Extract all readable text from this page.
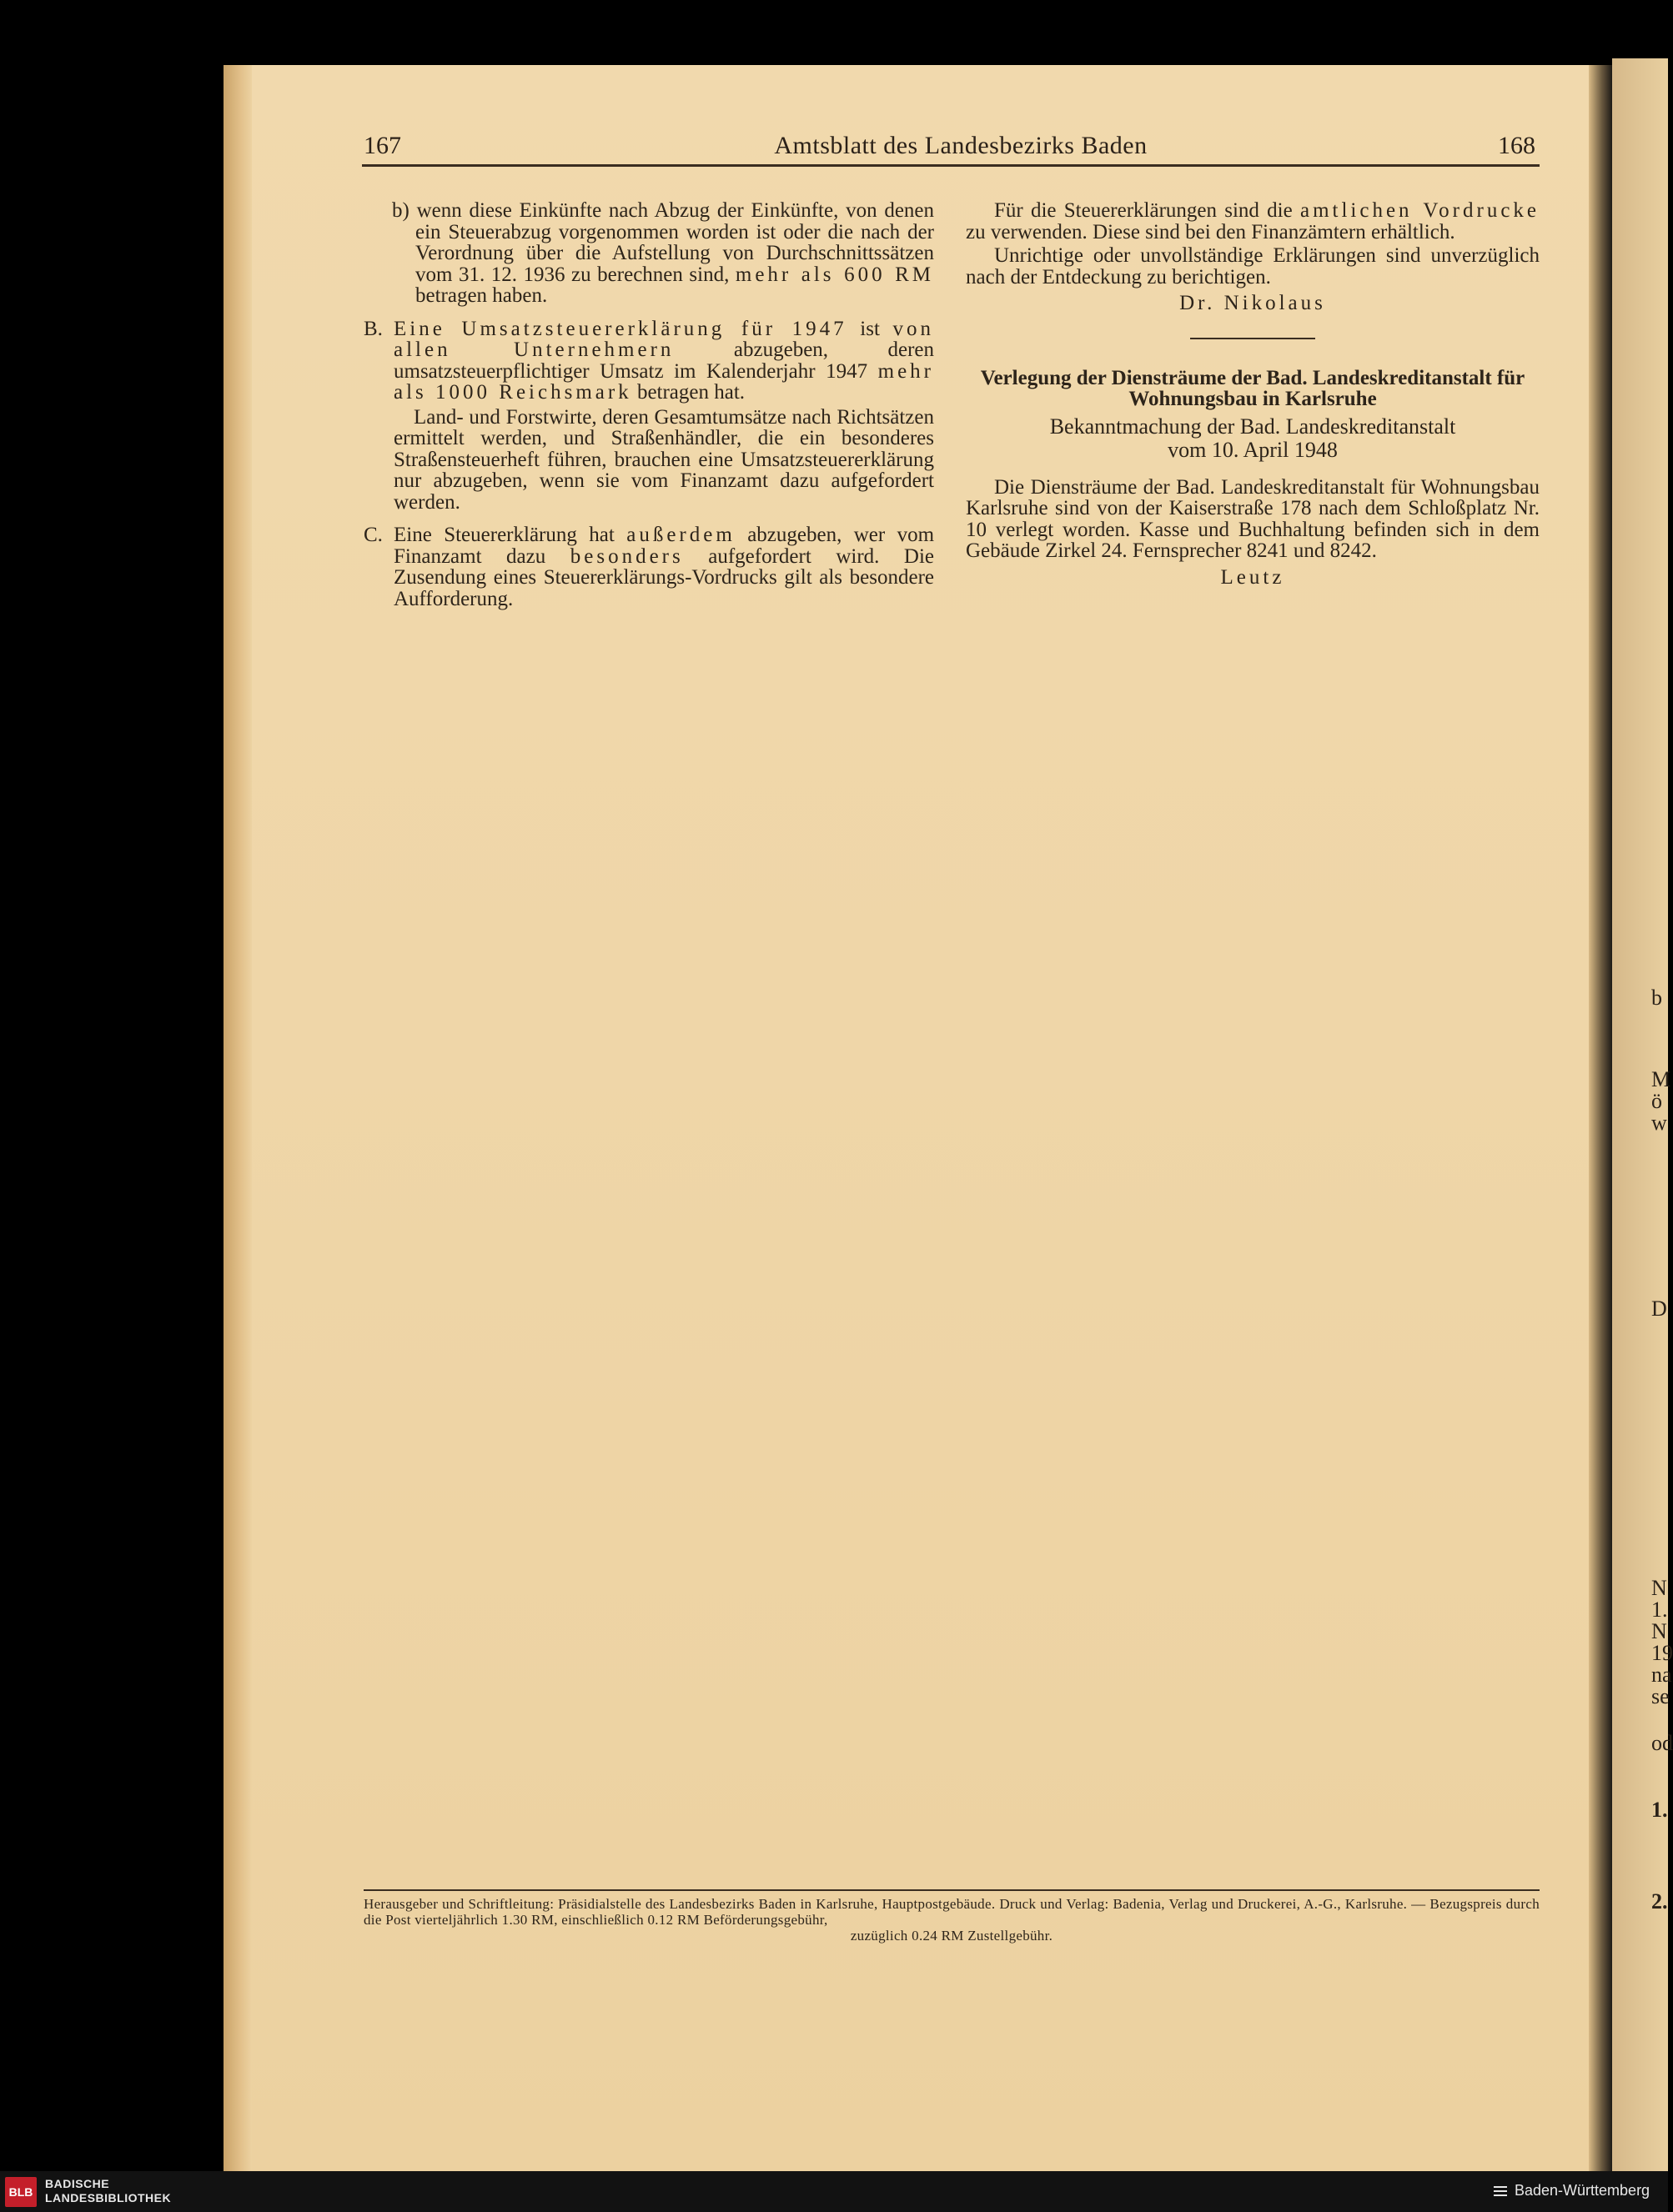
b
M
ö
w
D
N
1.
N
19
na
se
od
1.
2.
167	Amtsblatt des Landesbezirks Baden	168

b) wenn diese Einkünfte nach Abzug der Einkünfte, von denen ein Steuerabzug vorgenommen worden ist oder die nach der Verordnung über die Aufstellung von Durchschnittssätzen vom 31. 12. 1936 zu berechnen sind, mehr als 600 RM betragen haben.

B. Eine Umsatzsteuererklärung für 1947 ist von allen Unternehmern	abzugeben, deren umsatzsteuerpflichtiger Umsatz im Kalenderjahr 1947 mehr als 1000 Reichsmark betragen hat.

Land- und Forstwirte, deren Gesamtumsätze nach Richtsätzen ermittelt werden, und Straßenhändler, die ein besonderes Straßensteuerheft führen, brauchen eine Umsatzsteuererklärung nur abzugeben, wenn sie vom Finanzamt dazu aufgefordert werden.

C. Eine Steuererklärung hat außerdem abzugeben, wer vom Finanzamt dazu besonders aufgefordert wird. Die Zusendung eines Steuererklärungs-Vordrucks gilt als besondere Aufforderung.

Für die Steuererklärungen sind die amtlichen Vordrucke zu verwenden. Diese sind bei den Finanzämtern erhältlich.

Unrichtige oder unvollständige Erklärungen sind unverzüglich nach der Entdeckung zu berichtigen.

Dr. Nikolaus

Verlegung der Diensträume der Bad. Landeskreditanstalt für Wohnungsbau in Karlsruhe

Bekanntmachung der Bad. Landeskreditanstalt

vom 10. April 1948

Die Diensträume der Bad. Landeskreditanstalt für Wohnungsbau Karlsruhe sind von der Kaiserstraße 178 nach dem Schloßplatz Nr. 10 verlegt worden. Kasse und Buchhaltung befinden sich in dem Gebäude Zirkel 24. Fernsprecher 8241 und 8242.

Leutz

Herausgeber und Schriftleitung: Präsidialstelle des Landesbezirks Baden in Karlsruhe, Hauptpostgebäude. Druck und Verlag: Badenia, Verlag und Druckerei, A.-G., Karlsruhe. — Bezugspreis durch die Post vierteljährlich 1.30 RM, einschließlich 0.12 RM Beförderungsgebühr,
zuzüglich 0.24 RM Zustellgebühr.
BLB
BADISCHE
LANDESBIBLIOTHEK	Baden-Württemberg
